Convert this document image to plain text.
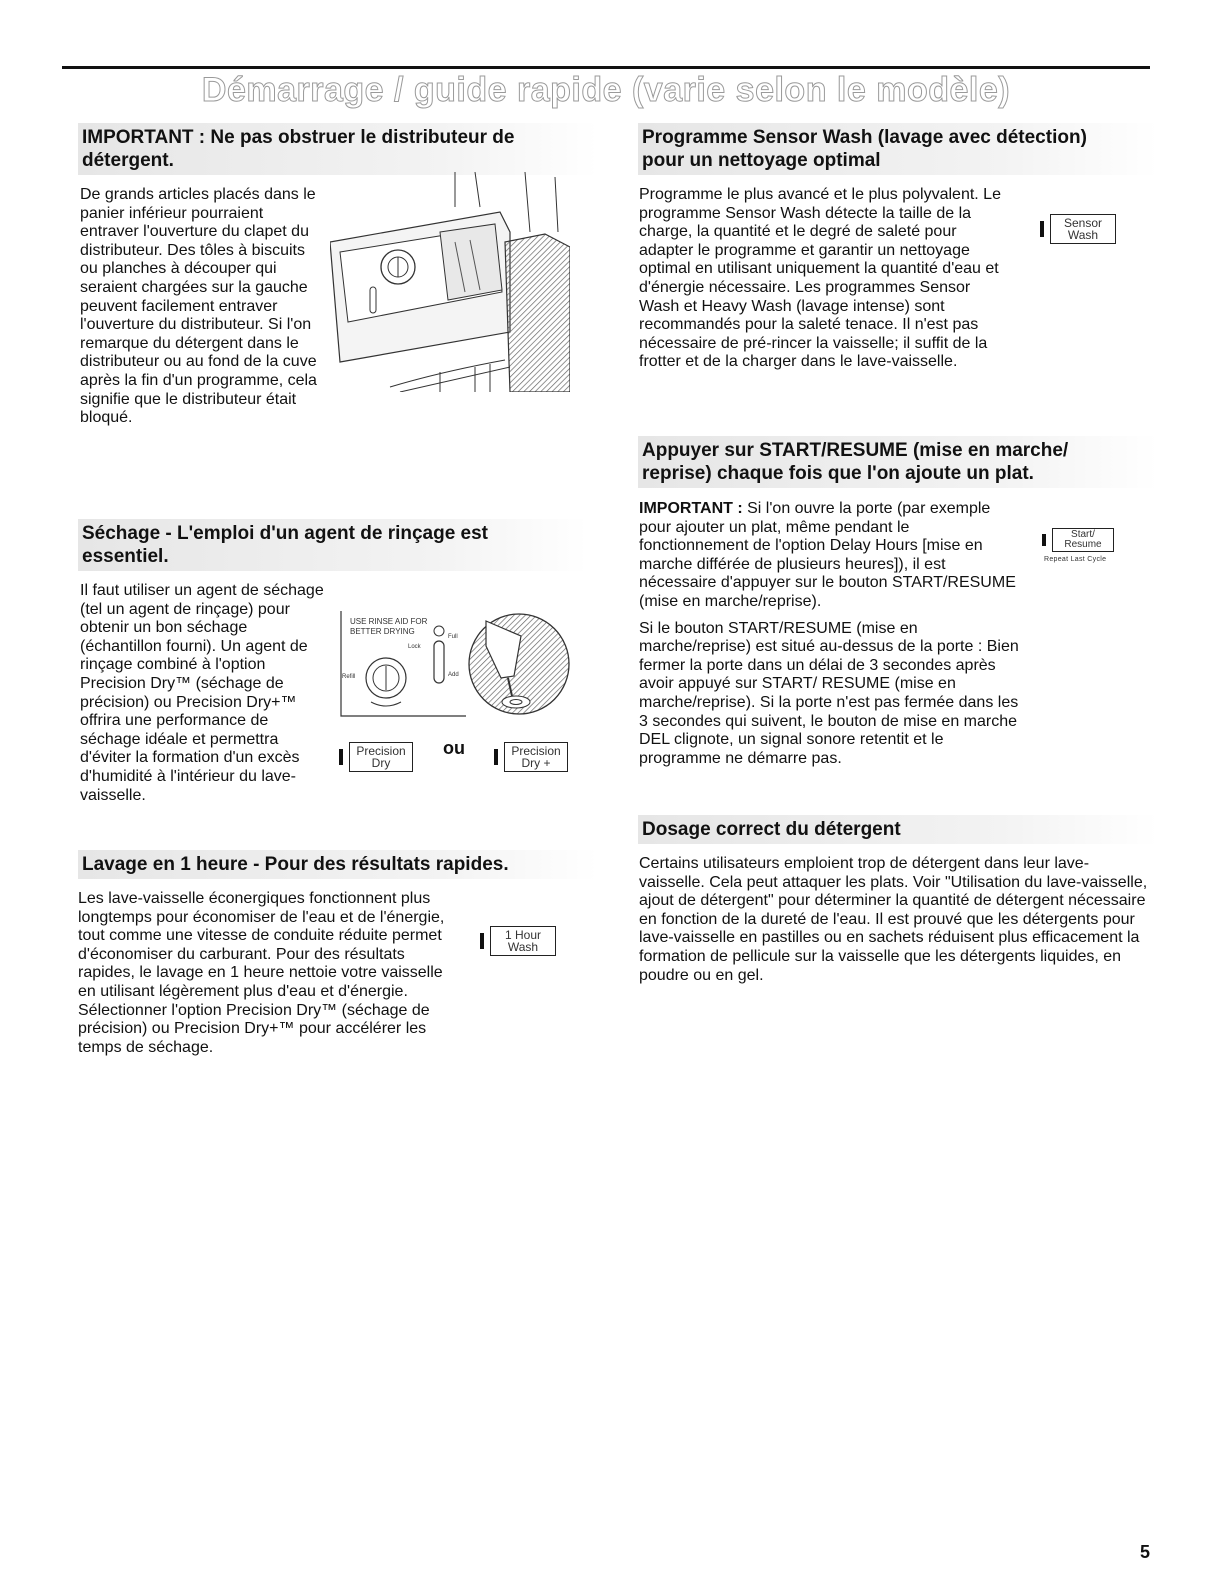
Démarrage / guide rapide (varie selon le modèle)
IMPORTANT : Ne pas obstruer le distributeur de
détergent.
De grands articles placés dans le panier inférieur pourraient entraver l'ouverture du clapet du distributeur. Des tôles à biscuits ou planches à découper qui seraient chargées sur la gauche peuvent facilement entraver l'ouverture du distributeur. Si l'on remarque du détergent dans le distributeur ou au fond de la cuve après la fin d'un programme, cela signifie que le distributeur était bloqué.
Séchage - L'emploi d'un agent de rinçage est
essentiel.
Il faut utiliser un agent de séchage (tel un agent de rinçage) pour obtenir un bon séchage (échantillon fourni). Un agent de rinçage combiné à l'option Precision Dry™ (séchage de précision) ou Precision Dry+™ offrira une performance de séchage idéale et permettra d'éviter la formation d'un excès d'humidité à l'intérieur du lave-vaisselle.
USE RINSE AID FOR
BETTER DRYING
Lock
Refill
Full
Add
Precision
Dry
ou	Precision
Dry +
Lavage en 1 heure - Pour des résultats rapides.
Les lave-vaisselle éconergiques fonctionnent plus longtemps pour économiser de l'eau et de l'énergie, tout comme une vitesse de conduite réduite permet d'économiser du carburant. Pour des résultats rapides, le lavage en 1 heure nettoie votre vaisselle en utilisant légèrement plus d'eau et d'énergie. Sélectionner l'option Precision Dry™ (séchage de précision) ou Precision Dry+™ pour accélérer les temps de séchage.
1 Hour
Wash
Programme Sensor Wash (lavage avec détection)
pour un nettoyage optimal
Programme le plus avancé et le plus polyvalent. Le programme Sensor Wash détecte la taille de la charge, la quantité et le degré de saleté pour adapter le programme et garantir un nettoyage optimal en utilisant uniquement la quantité d'eau et d'énergie nécessaire. Les programmes Sensor Wash et Heavy Wash (lavage intense) sont recommandés pour la saleté tenace. Il n'est pas nécessaire de pré-rincer la vaisselle; il suffit de la frotter et de la charger dans le lave-vaisselle.
Sensor
Wash
Appuyer sur START/RESUME (mise en marche/
reprise) chaque fois que l'on ajoute un plat.

IMPORTANT : Si l'on ouvre la porte (par exemple pour ajouter un plat, même pendant le fonctionnement de l'option Delay Hours [mise en marche différée de plusieurs heures]), il est nécessaire d'appuyer sur le bouton START/RESUME (mise en marche/reprise).

Si le bouton START/RESUME (mise en marche/reprise) est situé au-dessus de la porte : Bien fermer la porte dans un délai de 3 secondes après avoir appuyé sur START/ RESUME (mise en marche/reprise). Si la porte n'est pas fermée dans les 3 secondes qui suivent, le bouton de mise en marche DEL clignote, un signal sonore retentit et le programme ne démarre pas.

Start/
Resume
Repeat Last Cycle
Dosage correct du détergent
Certains utilisateurs emploient trop de détergent dans leur lave-vaisselle. Cela peut attaquer les plats. Voir "Utilisation du lave-vaisselle, ajout de détergent" pour déterminer la quantité de détergent nécessaire en fonction de la dureté de l'eau. Il est prouvé que les détergents pour lave-vaisselle en pastilles ou en sachets réduisent plus efficacement la formation de pellicule sur la vaisselle que les détergents liquides, en poudre ou en gel.
5
